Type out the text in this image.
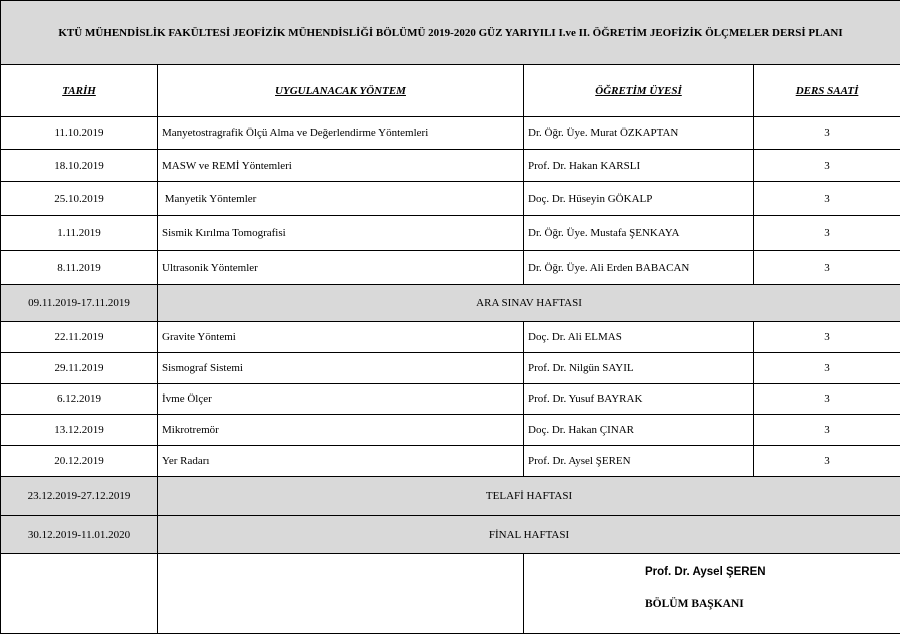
KTÜ MÜHENDİSLİK FAKÜLTESİ JEOFİZİK MÜHENDİSLİĞİ BÖLÜMÜ 2019-2020 GÜZ YARIYILI I.ve II. ÖĞRETİM JEOFİZİK ÖLÇMELER DERSİ PLANI			
TARİH	UYGULANACAK YÖNTEM	ÖĞRETİM ÜYESİ	DERS SAATİ
11.10.2019	Manyetostragrafik Ölçü Alma ve Değerlendirme Yöntemleri	Dr. Öğr. Üye. Murat ÖZKAPTAN	3
18.10.2019	MASW ve REMİ Yöntemleri	Prof. Dr. Hakan KARSLI	3
25.10.2019	Manyetik Yöntemler	Doç. Dr. Hüseyin GÖKALP	3
1.11.2019	Sismik Kırılma Tomografisi	Dr. Öğr. Üye. Mustafa ŞENKAYA	3
8.11.2019	Ultrasonik Yöntemler	Dr. Öğr. Üye. Ali Erden BABACAN	3
09.11.2019-17.11.2019	ARA SINAV HAFTASI		
22.11.2019	Gravite Yöntemi	Doç. Dr. Ali ELMAS	3
29.11.2019	Sismograf Sistemi	Prof. Dr. Nilgün SAYIL	3
6.12.2019	İvme Ölçer	Prof. Dr. Yusuf BAYRAK	3
13.12.2019	Mikrotremör	Doç. Dr. Hakan ÇINAR	3
20.12.2019	Yer Radarı	Prof. Dr. Aysel ŞEREN	3
23.12.2019-27.12.2019	TELAFİ HAFTASI		
30.12.2019-11.01.2020	FİNAL HAFTASI		

Prof. Dr. Aysel ŞEREN
BÖLÜM BAŞKANI
